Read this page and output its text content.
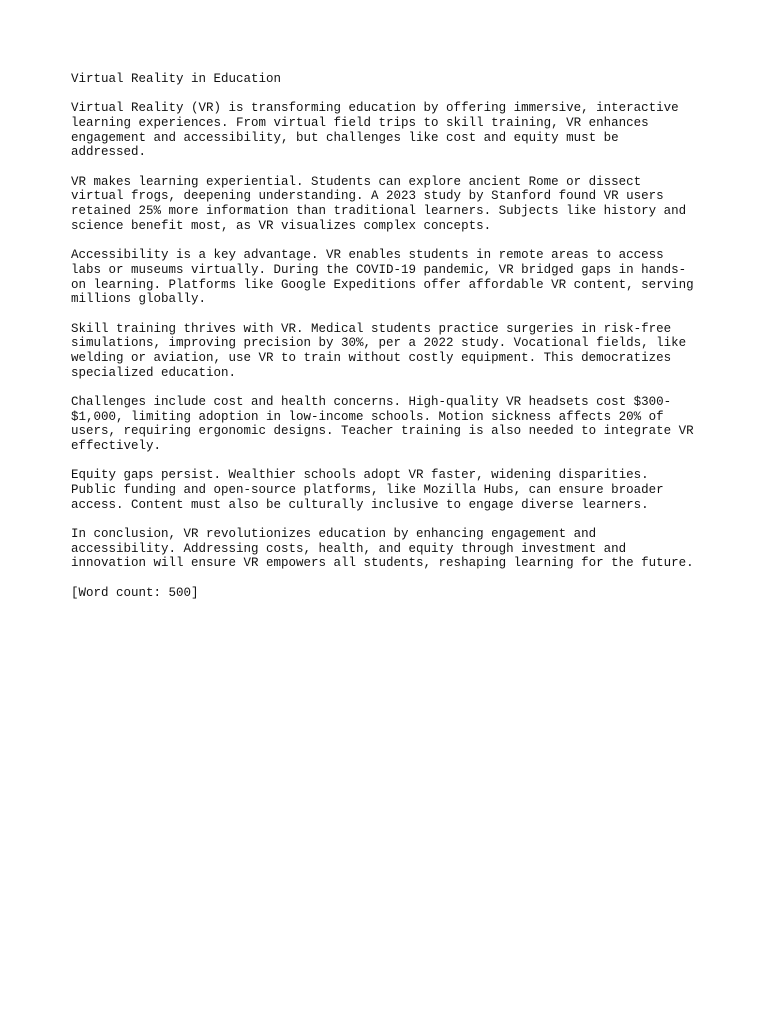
Virtual Reality in Education
Virtual Reality (VR) is transforming education by offering immersive, interactive
learning experiences. From virtual field trips to skill training, VR enhances
engagement and accessibility, but challenges like cost and equity must be
addressed.
VR makes learning experiential. Students can explore ancient Rome or dissect
virtual frogs, deepening understanding. A 2023 study by Stanford found VR users
retained 25% more information than traditional learners. Subjects like history and
science benefit most, as VR visualizes complex concepts.
Accessibility is a key advantage. VR enables students in remote areas to access
labs or museums virtually. During the COVID-19 pandemic, VR bridged gaps in hands-
on learning. Platforms like Google Expeditions offer affordable VR content, serving
millions globally.
Skill training thrives with VR. Medical students practice surgeries in risk-free
simulations, improving precision by 30%, per a 2022 study. Vocational fields, like
welding or aviation, use VR to train without costly equipment. This democratizes
specialized education.
Challenges include cost and health concerns. High-quality VR headsets cost $300-
$1,000, limiting adoption in low-income schools. Motion sickness affects 20% of
users, requiring ergonomic designs. Teacher training is also needed to integrate VR
effectively.
Equity gaps persist. Wealthier schools adopt VR faster, widening disparities.
Public funding and open-source platforms, like Mozilla Hubs, can ensure broader
access. Content must also be culturally inclusive to engage diverse learners.
In conclusion, VR revolutionizes education by enhancing engagement and
accessibility. Addressing costs, health, and equity through investment and
innovation will ensure VR empowers all students, reshaping learning for the future.
[Word count: 500]
